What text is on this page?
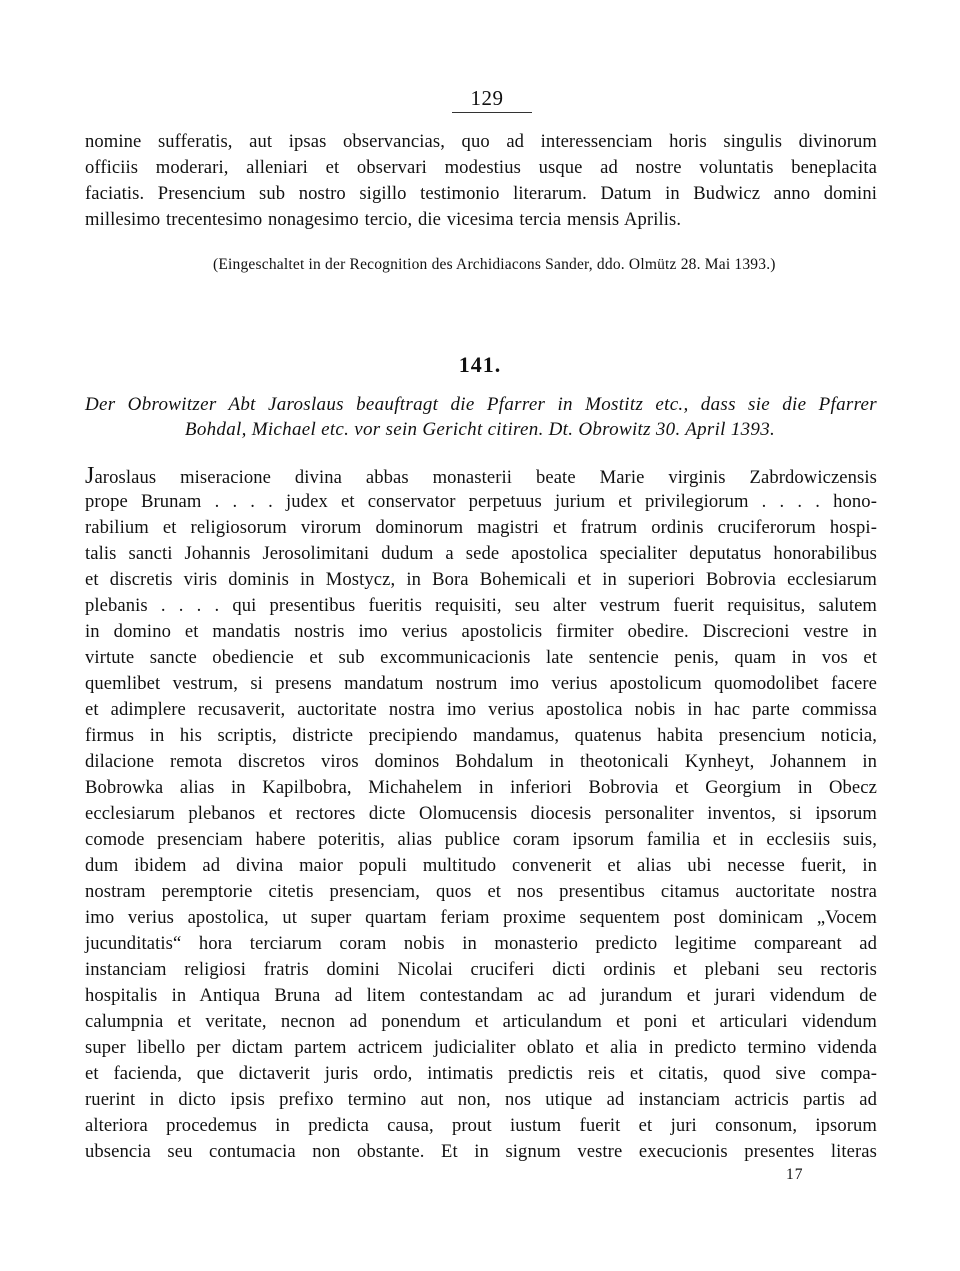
129
nomine sufferatis, aut ipsas observancias, quo ad interessenciam horis singulis divinorum
officiis moderari, alleniari et observari modestius usque ad nostre voluntatis beneplacita
faciatis. Presencium sub nostro sigillo testimonio literarum. Datum in Budwicz anno domini
millesimo trecentesimo nonagesimo tercio, die vicesima tercia mensis Aprilis.
(Eingeschaltet in der Recognition des Archidiacons Sander, ddo. Olmütz 28. Mai 1393.)
141.
Der Obrowitzer Abt Jaroslaus beauftragt die Pfarrer in Mostitz etc., dass sie die Pfarrer
Bohdal, Michael etc. vor sein Gericht citiren. Dt. Obrowitz 30. April 1393.
Jaroslaus miseracione divina abbas monasterii beate Marie virginis Zabrdowiczensis
prope Brunam . . . . judex et conservator perpetuus jurium et privilegiorum . . . . hono-
rabilium et religiosorum virorum dominorum magistri et fratrum ordinis cruciferorum hospi-
talis sancti Johannis Jerosolimitani dudum a sede apostolica specialiter deputatus honorabilibus
et discretis viris dominis in Mostycz, in Bora Bohemicali et in superiori Bobrovia ecclesiarum
plebanis . . . . qui presentibus fueritis requisiti, seu alter vestrum fuerit requisitus, salutem
in domino et mandatis nostris imo verius apostolicis firmiter obedire. Discrecioni vestre in
virtute sancte obediencie et sub excommunicacionis late sentencie penis, quam in vos et
quemlibet vestrum, si presens mandatum nostrum imo verius apostolicum quomodolibet facere
et adimplere recusaverit, auctoritate nostra imo verius apostolica nobis in hac parte commissa
firmus in his scriptis, districte precipiendo mandamus, quatenus habita presencium noticia,
dilacione remota discretos viros dominos Bohdalum in theotonicali Kynheyt, Johannem in
Bobrowka alias in Kapilbobra, Michahelem in inferiori Bobrovia et Georgium in Obecz
ecclesiarum plebanos et rectores dicte Olomucensis diocesis personaliter inventos, si ipsorum
comode presenciam habere poteritis, alias publice coram ipsorum familia et in ecclesiis suis,
dum ibidem ad divina maior populi multitudo convenerit et alias ubi necesse fuerit, in
nostram peremptorie citetis presenciam, quos et nos presentibus citamus auctoritate nostra
imo verius apostolica, ut super quartam feriam proxime sequentem post dominicam „Vocem
jucunditatis“ hora terciarum coram nobis in monasterio predicto legitime compareant ad
instanciam religiosi fratris domini Nicolai cruciferi dicti ordinis et plebani seu rectoris
hospitalis in Antiqua Bruna ad litem contestandam ac ad jurandum et jurari videndum de
calumpnia et veritate, necnon ad ponendum et articulandum et poni et articulari videndum
super libello per dictam partem actricem judicialiter oblato et alia in predicto termino videnda
et facienda, que dictaverit juris ordo, intimatis predictis reis et citatis, quod sive compa-
ruerint in dicto ipsis prefixo termino aut non, nos utique ad instanciam actricis partis ad
alteriora procedemus in predicta causa, prout iustum fuerit et juri consonum, ipsorum
ubsencia seu contumacia non obstante. Et in signum vestre execucionis presentes literas
17
